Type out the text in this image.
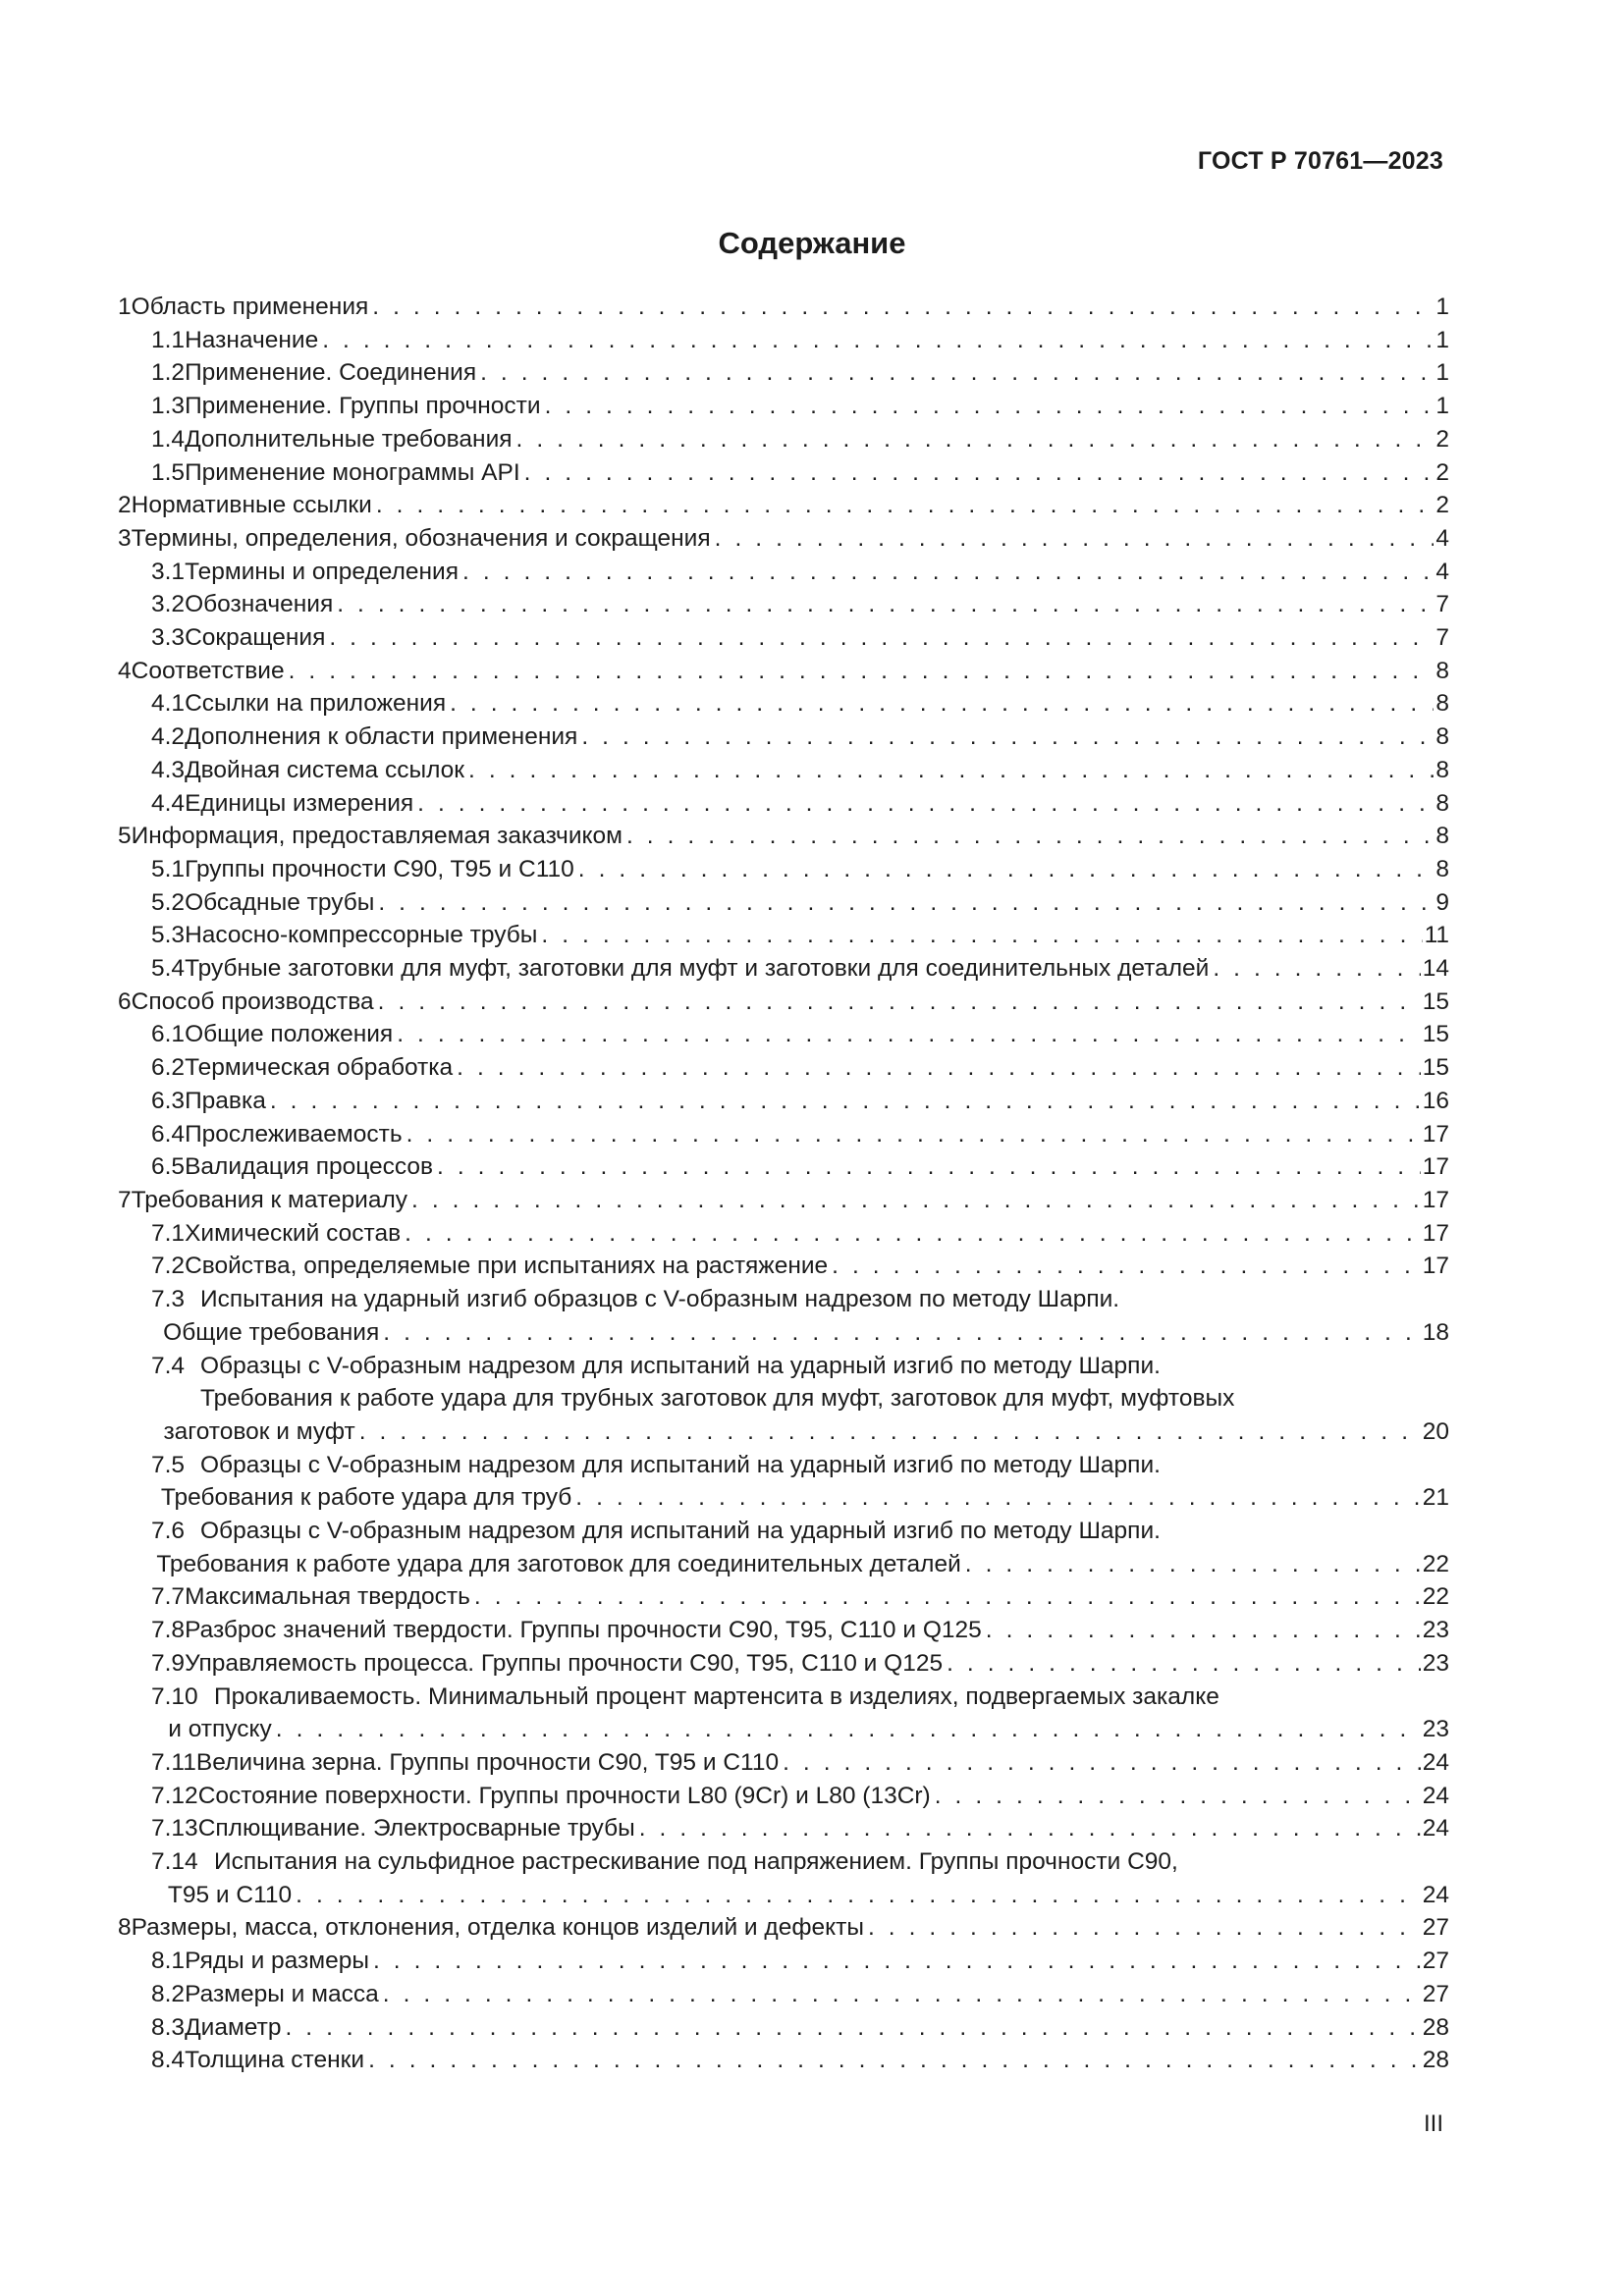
ГОСТ Р 70761—2023
Содержание
1 Область применения . . .	1
1.1 Назначение . . .	1
1.2 Применение. Соединения . . .	1
1.3 Применение. Группы прочности . . .	1
1.4 Дополнительные требования . . .	2
1.5 Применение монограммы API . . .	2
2 Нормативные ссылки . . .	2
3 Термины, определения, обозначения и сокращения . . .	4
3.1 Термины и определения . . .	4
3.2 Обозначения . . .	7
3.3 Сокращения . . .	7
4 Соответствие . . .	8
4.1 Ссылки на приложения . . .	8
4.2 Дополнения к области применения . . .	8
4.3 Двойная система ссылок . . .	8
4.4 Единицы измерения . . .	8
5 Информация, предоставляемая заказчиком . . .	8
5.1 Группы прочности C90, T95 и C110 . . .	8
5.2 Обсадные трубы . . .	9
5.3 Насосно-компрессорные трубы . . .	11
5.4 Трубные заготовки для муфт, заготовки для муфт и заготовки для соединительных деталей . . .	14
6 Способ производства . . .	15
6.1 Общие положения . . .	15
6.2 Термическая обработка . . .	15
6.3 Правка . . .	16
6.4 Прослеживаемость . . .	17
6.5 Валидация процессов . . .	17
7 Требования к материалу . . .	17
7.1 Химический состав . . .	17
7.2 Свойства, определяемые при испытаниях на растяжение . . .	17
7.3 Испытания на ударный изгиб образцов с V-образным надрезом по методу Шарпи.
Общие требования . . .	18
7.4 Образцы с V-образным надрезом для испытаний на ударный изгиб по методу Шарпи.
Требования к работе удара для трубных заготовок для муфт, заготовок для муфт, муфтовых
заготовок и муфт . . .	20
7.5 Образцы с V-образным надрезом для испытаний на ударный изгиб по методу Шарпи.
Требования к работе удара для труб . . .	21
7.6 Образцы с V-образным надрезом для испытаний на ударный изгиб по методу Шарпи.
Требования к работе удара для заготовок для соединительных деталей . . .	22
7.7 Максимальная твердость . . .	22
7.8 Разброс значений твердости. Группы прочности C90, T95, C110 и Q125 . . .	23
7.9 Управляемость процесса. Группы прочности C90, T95, C110 и Q125 . . .	23
7.10 Прокаливаемость. Минимальный процент мартенсита в изделиях, подвергаемых закалке
и отпуску . . .	23
7.11 Величина зерна. Группы прочности C90, T95 и C110 . . .	24
7.12 Состояние поверхности. Группы прочности L80 (9Cr) и L80 (13Cr) . . .	24
7.13 Сплющивание. Электросварные трубы . . .	24
7.14 Испытания на сульфидное растрескивание под напряжением. Группы прочности C90,
T95 и C110 . . .	24
8 Размеры, масса, отклонения, отделка концов изделий и дефекты . . .	27
8.1 Ряды и размеры . . .	27
8.2 Размеры и масса . . .	27
8.3 Диаметр . . .	28
8.4 Толщина стенки . . .	28
III
